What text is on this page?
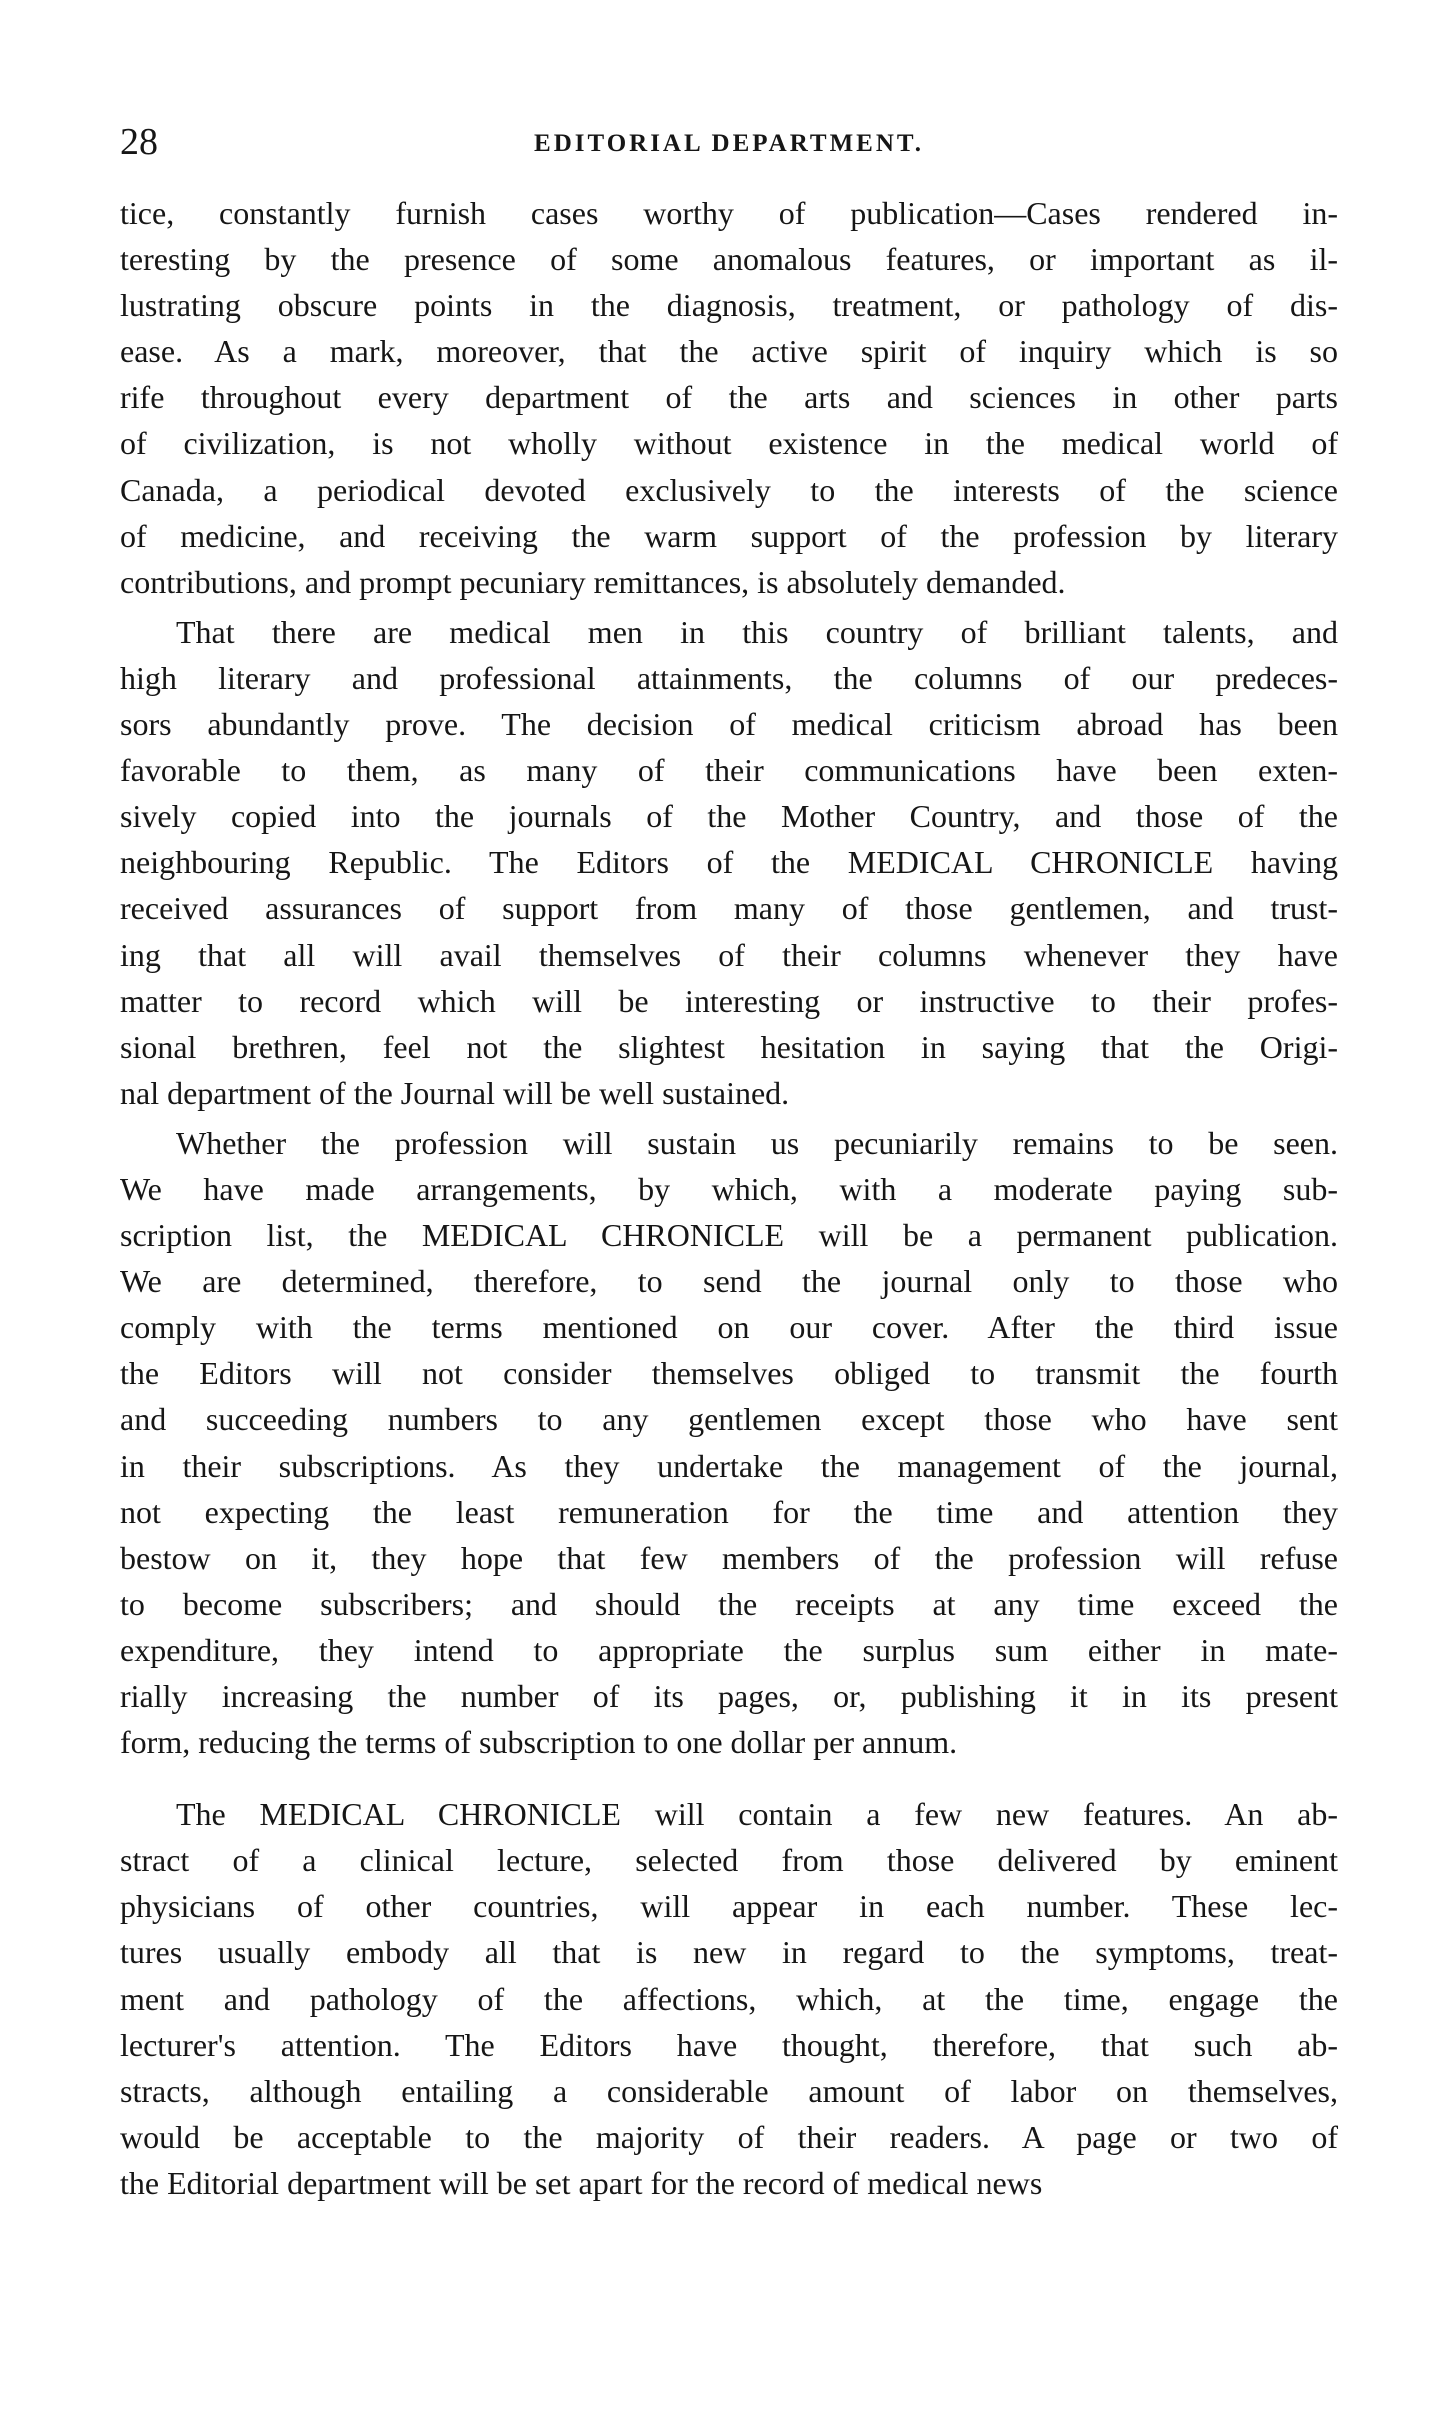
28	EDITORIAL DEPARTMENT.
tice, constantly furnish cases worthy of publication—Cases rendered in-
teresting by the presence of some anomalous features, or important as il-
lustrating obscure points in the diagnosis, treatment, or pathology of dis-
ease. As a mark, moreover, that the active spirit of inquiry which is so
rife throughout every department of the arts and sciences in other parts
of civilization, is not wholly without existence in the medical world of
Canada, a periodical devoted exclusively to the interests of the science
of medicine, and receiving the warm support of the profession by literary
contributions, and prompt pecuniary remittances, is absolutely demanded.
That there are medical men in this country of brilliant talents, and
high literary and professional attainments, the columns of our predeces-
sors abundantly prove. The decision of medical criticism abroad has been
favorable to them, as many of their communications have been exten-
sively copied into the journals of the Mother Country, and those of the
neighbouring Republic. The Editors of the MEDICAL CHRONICLE having
received assurances of support from many of those gentlemen, and trust-
ing that all will avail themselves of their columns whenever they have
matter to record which will be interesting or instructive to their profes-
sional brethren, feel not the slightest hesitation in saying that the Origi-
nal department of the Journal will be well sustained.
Whether the profession will sustain us pecuniarily remains to be seen.
We have made arrangements, by which, with a moderate paying sub-
scription list, the MEDICAL CHRONICLE will be a permanent publication.
We are determined, therefore, to send the journal only to those who
comply with the terms mentioned on our cover. After the third issue
the Editors will not consider themselves obliged to transmit the fourth
and succeeding numbers to any gentlemen except those who have sent
in their subscriptions. As they undertake the management of the journal,
not expecting the least remuneration for the time and attention they
bestow on it, they hope that few members of the profession will refuse
to become subscribers; and should the receipts at any time exceed the
expenditure, they intend to appropriate the surplus sum either in mate-
rially increasing the number of its pages, or, publishing it in its present
form, reducing the terms of subscription to one dollar per annum.
The MEDICAL CHRONICLE will contain a few new features. An ab-
stract of a clinical lecture, selected from those delivered by eminent
physicians of other countries, will appear in each number. These lec-
tures usually embody all that is new in regard to the symptoms, treat-
ment and pathology of the affections, which, at the time, engage the
lecturer's attention. The Editors have thought, therefore, that such ab-
stracts, although entailing a considerable amount of labor on themselves,
would be acceptable to the majority of their readers. A page or two of
the Editorial department will be set apart for the record of medical news
